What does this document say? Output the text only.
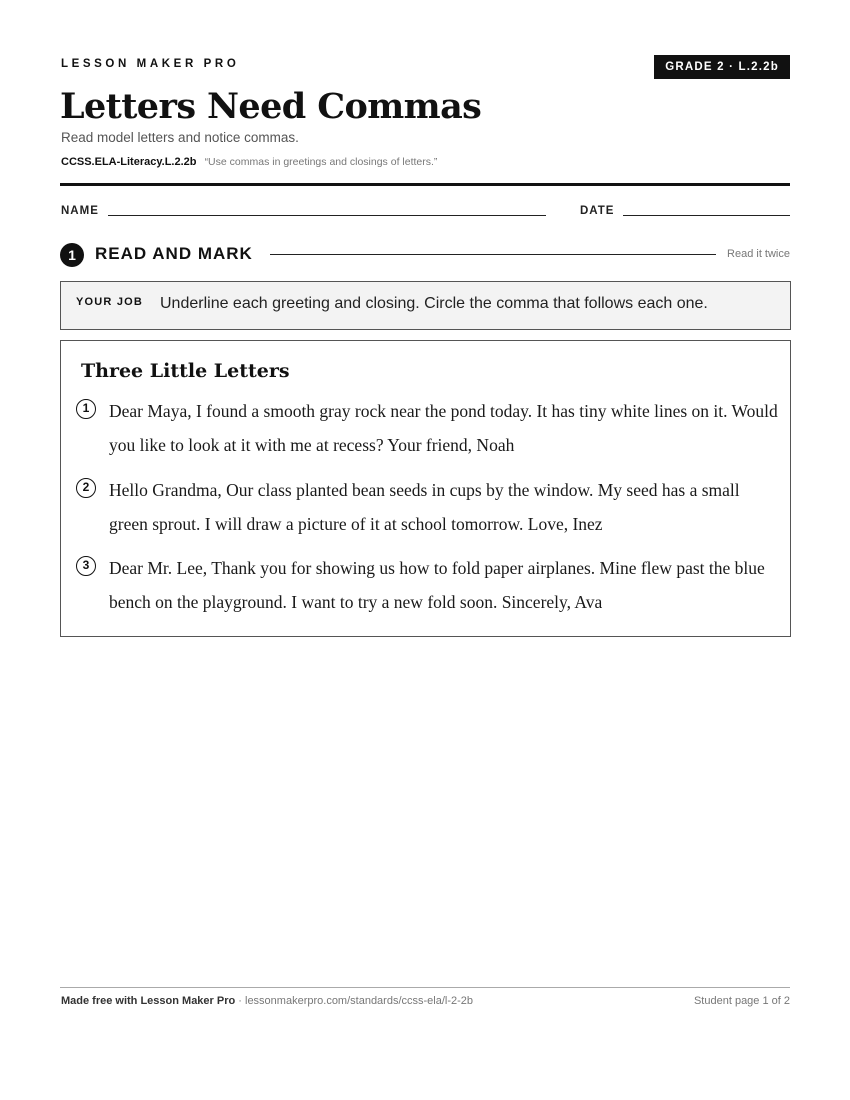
LESSON MAKER PRO	GRADE 2 · L.2.2b
Letters Need Commas
Read model letters and notice commas.
CCSS.ELA-Literacy.L.2.2b “Use commas in greetings and closings of letters.”
NAME	DATE
1	READ AND MARK	Read it twice
YOUR JOB Underline each greeting and closing. Circle the comma that follows each one.
Three Little Letters
1	Dear Maya, I found a smooth gray rock near the pond today. It has tiny white lines on it. Would you like to look at it with me at recess? Your friend, Noah
2	Hello Grandma, Our class planted bean seeds in cups by the window. My seed has a small green sprout. I will draw a picture of it at school tomorrow. Love, Inez
3	Dear Mr. Lee, Thank you for showing us how to fold paper airplanes. Mine flew past the blue bench on the playground. I want to try a new fold soon. Sincerely, Ava
Made free with Lesson Maker Pro · lessonmakerpro.com/standards/ccss-ela/l-2-2b	Student page 1 of 2
